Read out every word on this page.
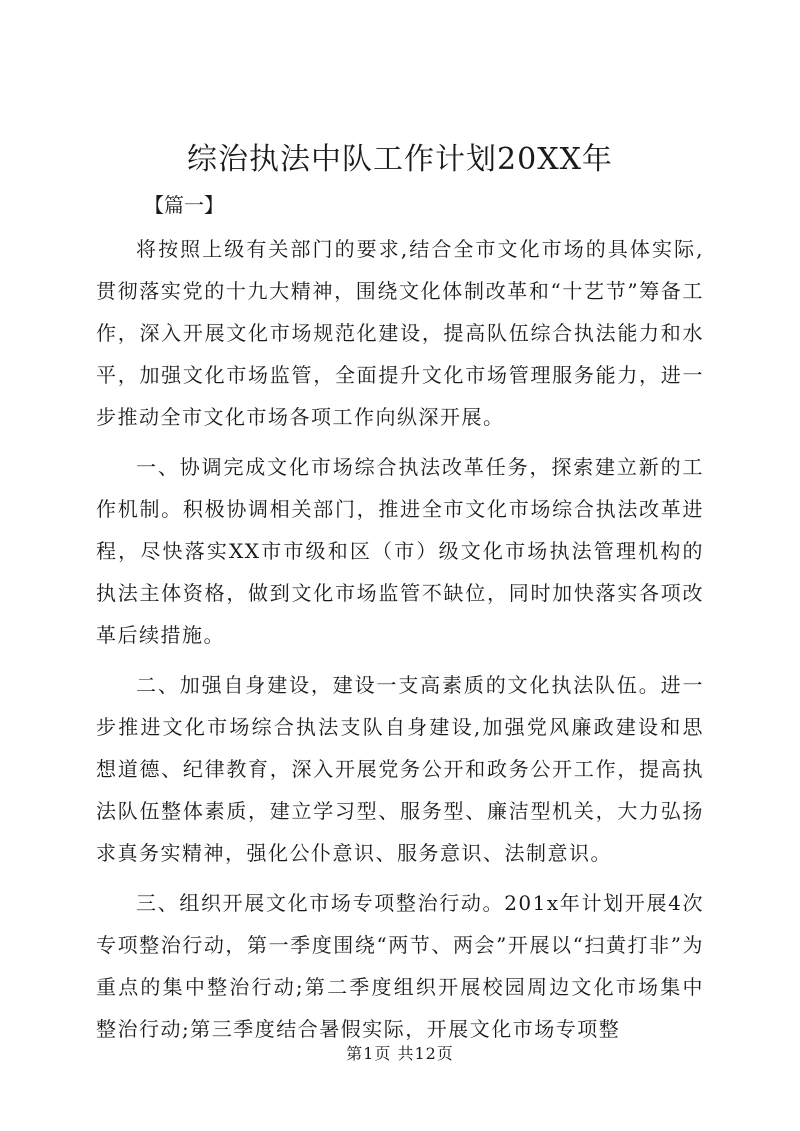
综治执法中队工作计划20XX年
【篇一】

将按照上级有关部门的要求,结合全市文化市场的具体实际,贯彻落实党的十九大精神，围绕文化体制改革和“十艺节”筹备工作，深入开展文化市场规范化建设，提高队伍综合执法能力和水平，加强文化市场监管，全面提升文化市场管理服务能力，进一步推动全市文化市场各项工作向纵深开展。

一、协调完成文化市场综合执法改革任务，探索建立新的工作机制。积极协调相关部门，推进全市文化市场综合执法改革进程，尽快落实XX市市级和区（市）级文化市场执法管理机构的执法主体资格，做到文化市场监管不缺位，同时加快落实各项改革后续措施。

二、加强自身建设，建设一支高素质的文化执法队伍。进一步推进文化市场综合执法支队自身建设,加强党风廉政建设和思想道德、纪律教育，深入开展党务公开和政务公开工作，提高执法队伍整体素质，建立学习型、服务型、廉洁型机关，大力弘扬求真务实精神，强化公仆意识、服务意识、法制意识。

三、组织开展文化市场专项整治行动。201x年计划开展4次专项整治行动，第一季度围绕“两节、两会”开展以“扫黄打非”为重点的集中整治行动;第二季度组织开展校园周边文化市场集中整治行动;第三季度结合暑假实际，开展文化市场专项整

第1页 共12页
